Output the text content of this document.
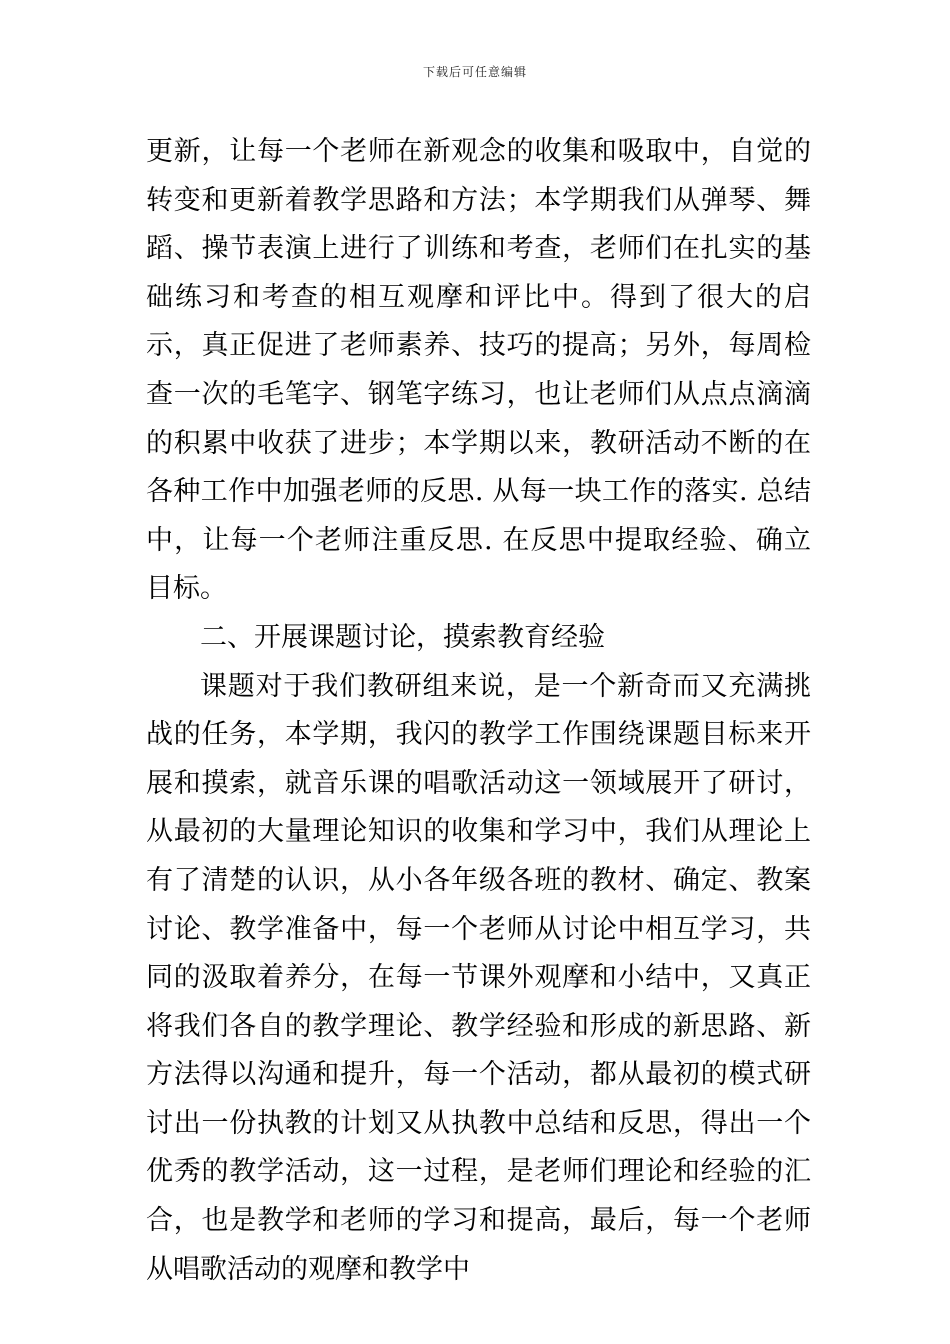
下载后可任意编辑

更新，让每一个老师在新观念的收集和吸取中，自觉的转变和更新着教学思路和方法；本学期我们从弹琴、舞蹈、操节表演上进行了训练和考查，老师们在扎实的基础练习和考查的相互观摩和评比中。得到了很大的启示，真正促进了老师素养、技巧的提高；另外，每周检查一次的毛笔字、钢笔字练习，也让老师们从点点滴滴的积累中收获了进步；本学期以来，教研活动不断的在各种工作中加强老师的反思. 从每一块工作的落实. 总结中，让每一个老师注重反思. 在反思中提取经验、确立目标。

二、开展课题讨论，摸索教育经验

课题对于我们教研组来说，是一个新奇而又充满挑战的任务，本学期，我闪的教学工作围绕课题目标来开展和摸索，就音乐课的唱歌活动这一领域展开了研讨，从最初的大量理论知识的收集和学习中，我们从理论上有了清楚的认识，从小各年级各班的教材、确定、教案讨论、教学准备中，每一个老师从讨论中相互学习，共同的汲取着养分，在每一节课外观摩和小结中，又真正将我们各自的教学理论、教学经验和形成的新思路、新方法得以沟通和提升，每一个活动，都从最初的模式研讨出一份执教的计划又从执教中总结和反思，得出一个优秀的教学活动，这一过程，是老师们理论和经验的汇合，也是教学和老师的学习和提高，最后，每一个老师从唱歌活动的观摩和教学中
